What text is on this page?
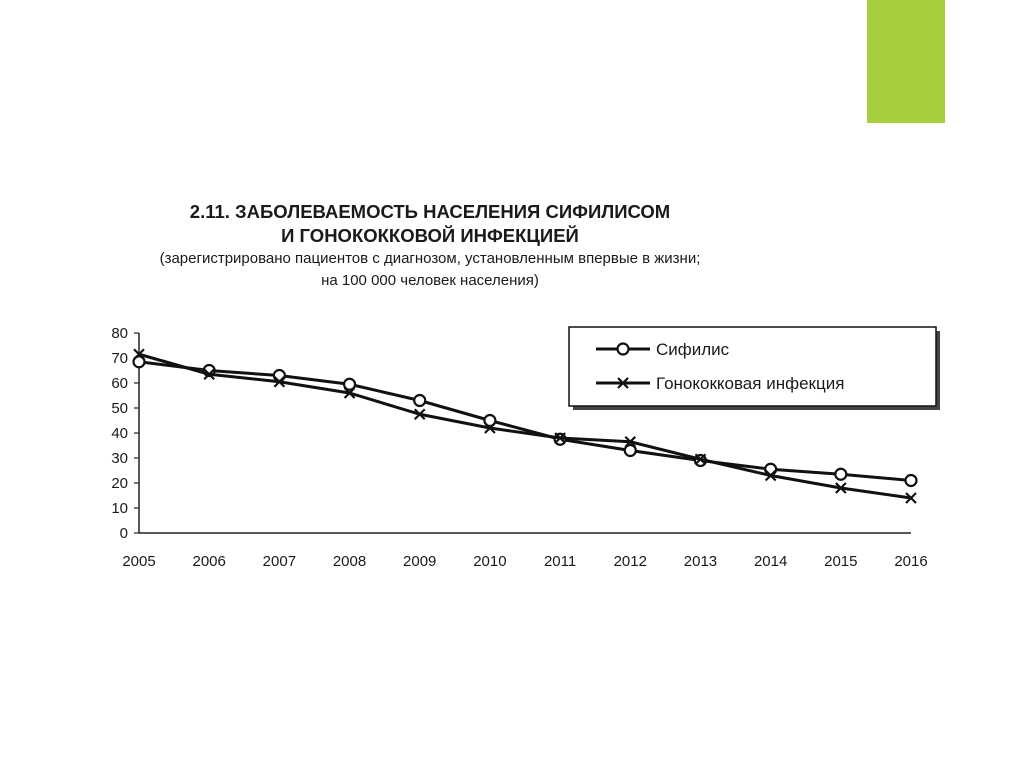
2.11. ЗАБОЛЕВАЕМОСТЬ НАСЕЛЕНИЯ СИФИЛИСОМ
И ГОНОКОККОВОЙ ИНФЕКЦИЕЙ
(зарегистрировано пациентов с диагнозом, установленным впервые в жизни;
на 100 000 человек населения)
0
10
20
30
40
50
60
70
80
2005 2006 2007 2008 2009 2010 2011 2012 2013 2014 2015 2016
Сифилис
Гонококковая инфекция
